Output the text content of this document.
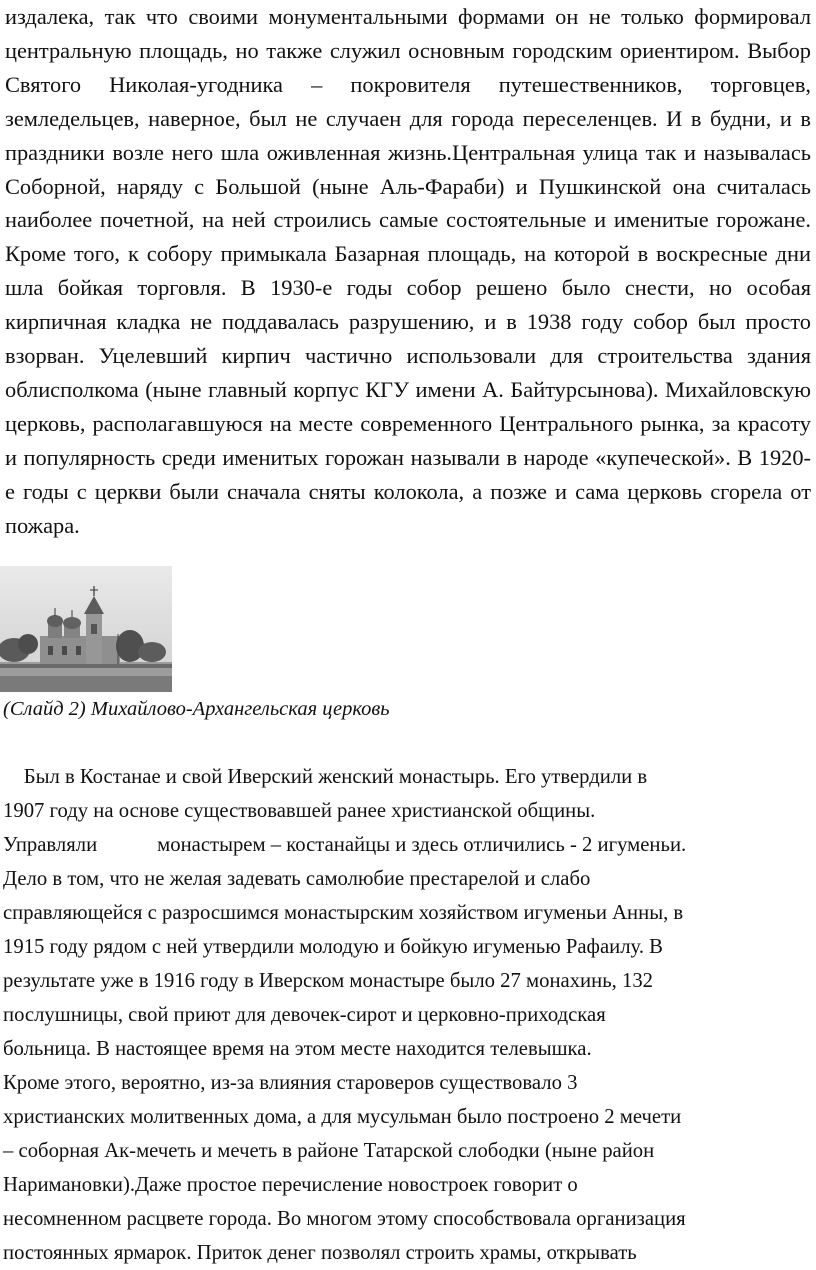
издалека, так что своими монументальными формами он не только формировал центральную площадь, но также служил основным городским ориентиром. Выбор Святого Николая-угодника – покровителя путешественников, торговцев, земледельцев, наверное, был не случаен для города переселенцев. И в будни, и в праздники возле него шла оживленная жизнь.Центральная улица так и называлась Соборной, наряду с Большой (ныне Аль-Фараби) и Пушкинской она считалась наиболее почетной, на ней строились самые состоятельные и именитые горожане. Кроме того, к собору примыкала Базарная площадь, на которой в воскресные дни шла бойкая торговля. В 1930-е годы собор решено было снести, но особая кирпичная кладка не поддавалась разрушению, и в 1938 году собор был просто взорван. Уцелевший кирпич частично использовали для строительства здания облисполкома (ныне главный корпус КГУ имени А. Байтурсынова). Михайловскую церковь, располагавшуюся на месте современного Центрального рынка, за красоту и популярность среди именитых горожан называли в народе «купеческой». В 1920-е годы с церкви были сначала сняты колокола, а позже и сама церковь сгорела от пожара.

(Слайд 2) Михайлово-Архангельская церковь

Был в Костанае и свой Иверский женский монастырь. Его утвердили в
1907 году на основе существовавшей ранее христианской общины.
Управляли	монастырем – костанайцы и здесь отличились - 2 игуменьи.
Дело в том, что не желая задевать самолюбие престарелой и слабо
справляющейся с разросшимся монастырским хозяйством игуменьи Анны, в
1915 году рядом с ней утвердили молодую и бойкую игуменью Рафаилу. В
результате уже в 1916 году в Иверском монастыре было 27 монахинь, 132
послушницы, свой приют для девочек-сирот и церковно-приходская
больница. В настоящее время на этом месте находится телевышка.
Кроме этого, вероятно, из-за влияния староверов существовало 3
христианских молитвенных дома, а для мусульман было построено 2 мечети
– соборная Ак-мечеть и мечеть в районе Татарской слободки (ныне район
Наримановки).Даже простое перечисление новостроек говорит о
несомненном расцвете города. Во многом этому способствовала организация
постоянных ярмарок. Приток денег позволял строить храмы, открывать
